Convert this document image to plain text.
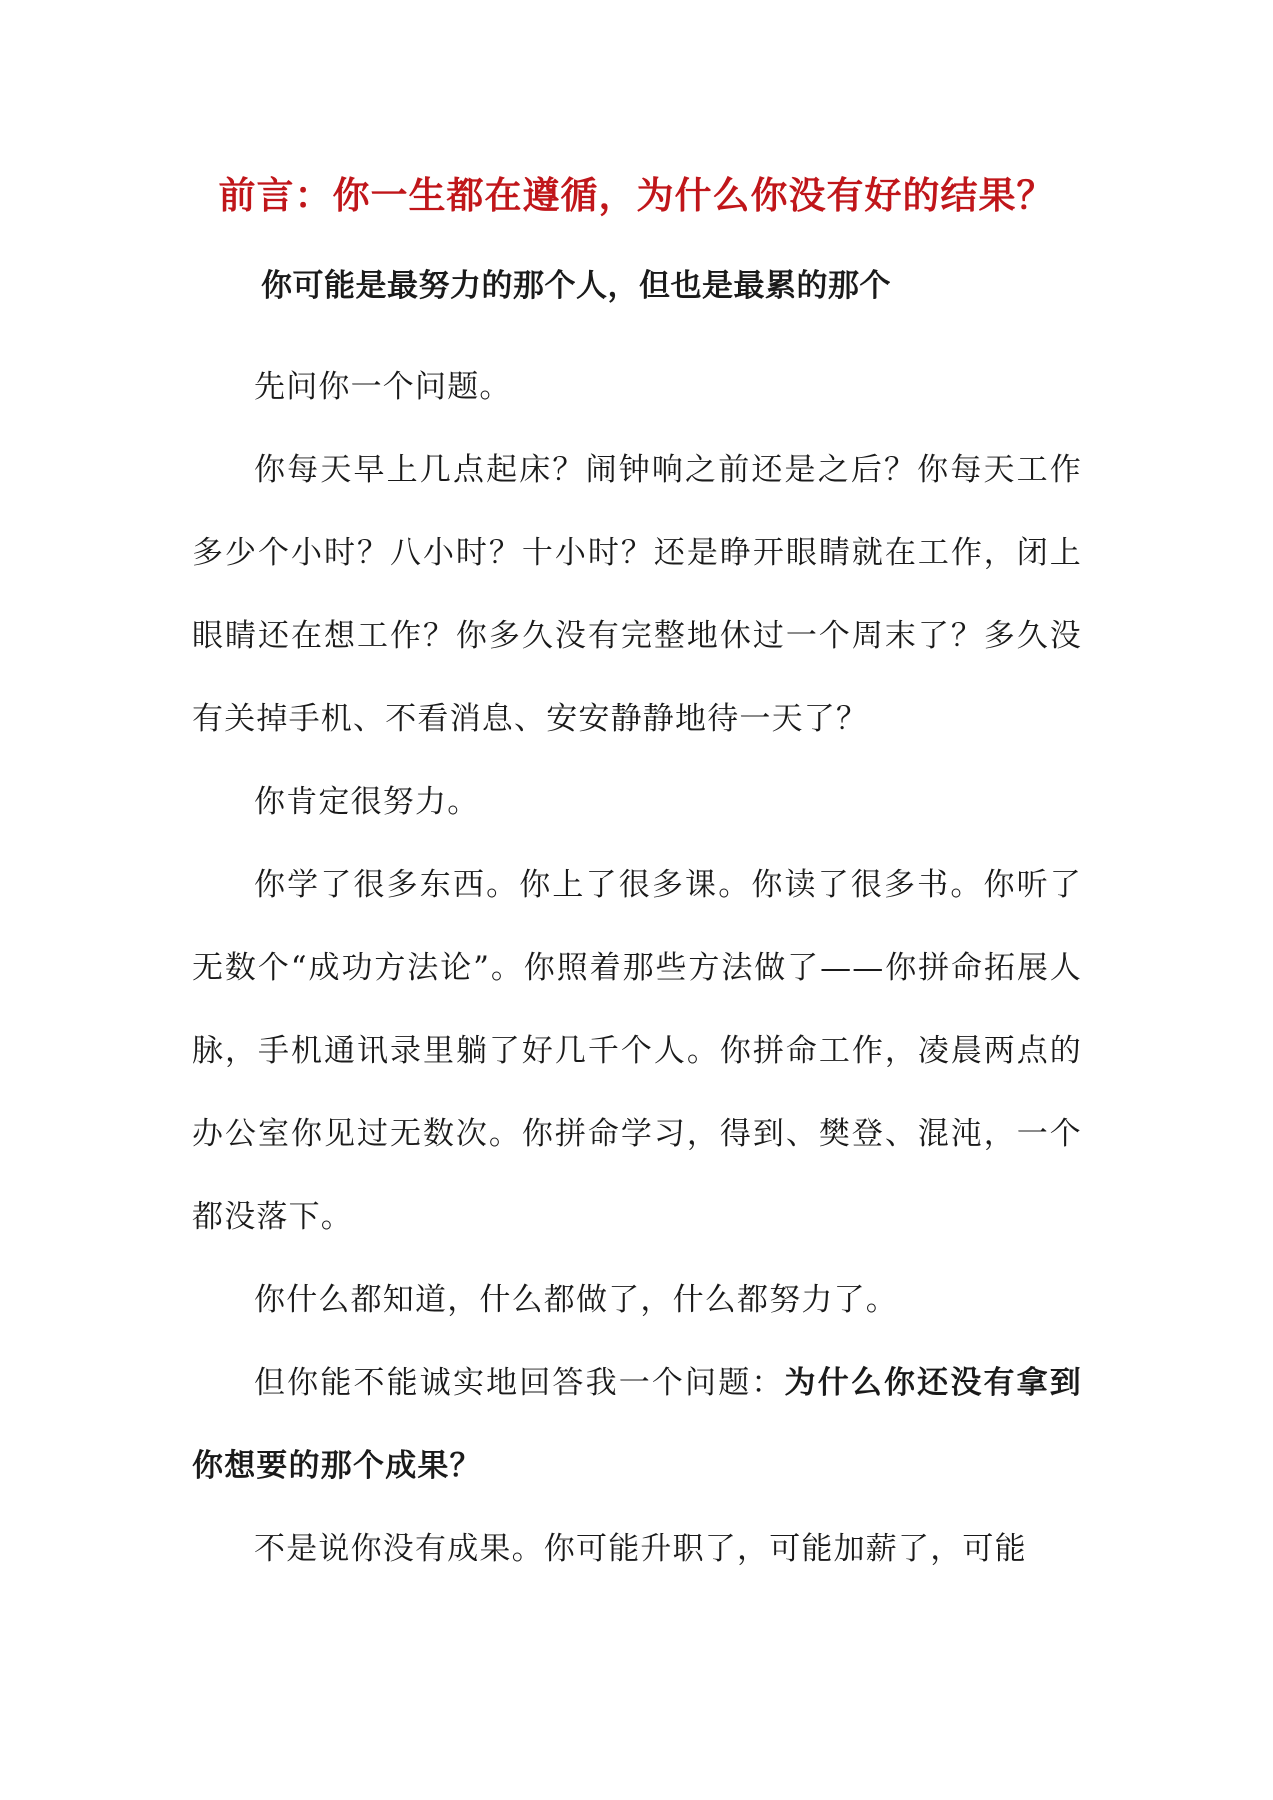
前言：你一生都在遵循，为什么你没有好的结果？
你可能是最努力的那个人，但也是最累的那个

先问你一个问题。

你每天早上几点起床？闹钟响之前还是之后？你每天工作多少个小时？八小时？十小时？还是睁开眼睛就在工作，闭上眼睛还在想工作？你多久没有完整地休过一个周末了？多久没有关掉手机、不看消息、安安静静地待一天了？

你肯定很努力。

你学了很多东西。你上了很多课。你读了很多书。你听了无数个“成功方法论”。你照着那些方法做了——你拼命拓展人脉，手机通讯录里躺了好几千个人。你拼命工作，凌晨两点的办公室你见过无数次。你拼命学习，得到、樊登、混沌，一个都没落下。

你什么都知道，什么都做了，什么都努力了。

但你能不能诚实地回答我一个问题：为什么你还没有拿到你想要的那个成果？

不是说你没有成果。你可能升职了，可能加薪了，可能
